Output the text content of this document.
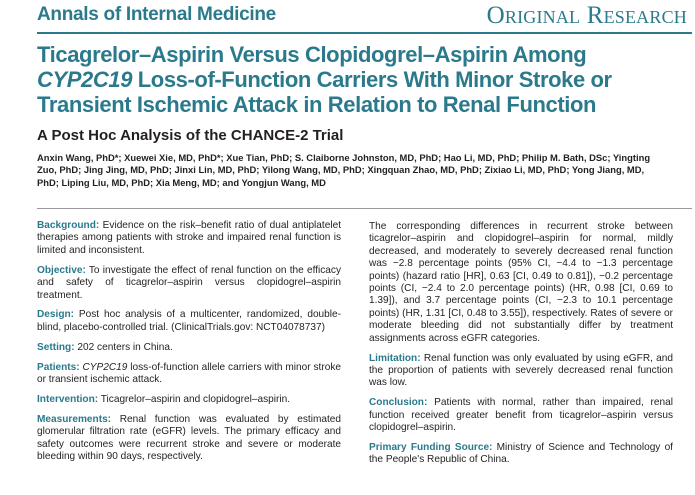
Annals of Internal Medicine	Original Research
Ticagrelor–Aspirin Versus Clopidogrel–Aspirin Among CYP2C19 Loss-of-Function Carriers With Minor Stroke or Transient Ischemic Attack in Relation to Renal Function
A Post Hoc Analysis of the CHANCE-2 Trial

Anxin Wang, PhD*; Xuewei Xie, MD, PhD*; Xue Tian, PhD; S. Claiborne Johnston, MD, PhD; Hao Li, MD, PhD; Philip M. Bath, DSc; Yingting Zuo, PhD; Jing Jing, MD, PhD; Jinxi Lin, MD, PhD; Yilong Wang, MD, PhD; Xingquan Zhao, MD, PhD; Zixiao Li, MD, PhD; Yong Jiang, MD, PhD; Liping Liu, MD, PhD; Xia Meng, MD; and Yongjun Wang, MD

Background: Evidence on the risk–benefit ratio of dual antiplatelet therapies among patients with stroke and impaired renal function is limited and inconsistent.

Objective: To investigate the effect of renal function on the efficacy and safety of ticagrelor–aspirin versus clopidogrel–aspirin treatment.

Design: Post hoc analysis of a multicenter, randomized, double-blind, placebo-controlled trial. (ClinicalTrials.gov: NCT04078737)

Setting: 202 centers in China.

Patients: CYP2C19 loss-of-function allele carriers with minor stroke or transient ischemic attack.

Intervention: Ticagrelor–aspirin and clopidogrel–aspirin.

Measurements: Renal function was evaluated by estimated glomerular filtration rate (eGFR) levels. The primary efficacy and safety outcomes were recurrent stroke and severe or moderate bleeding within 90 days, respectively.

The corresponding differences in recurrent stroke between ticagrelor–aspirin and clopidogrel–aspirin for normal, mildly decreased, and moderately to severely decreased renal function was −2.8 percentage points (95% CI, −4.4 to −1.3 percentage points) (hazard ratio [HR], 0.63 [CI, 0.49 to 0.81]), −0.2 percentage points (CI, −2.4 to 2.0 percentage points) (HR, 0.98 [CI, 0.69 to 1.39]), and 3.7 percentage points (CI, −2.3 to 10.1 percentage points) (HR, 1.31 [CI, 0.48 to 3.55]), respectively. Rates of severe or moderate bleeding did not substantially differ by treatment assignments across eGFR categories.

Limitation: Renal function was only evaluated by using eGFR, and the proportion of patients with severely decreased renal function was low.

Conclusion: Patients with normal, rather than impaired, renal function received greater benefit from ticagrelor–aspirin versus clopidogrel–aspirin.

Primary Funding Source: Ministry of Science and Technology of the People's Republic of China.
